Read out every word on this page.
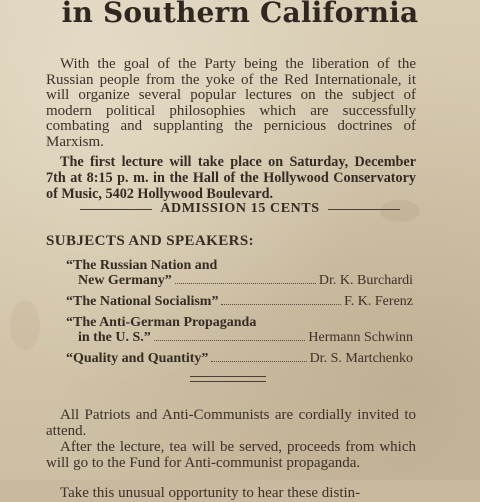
in Southern California

With the goal of the Party being the liberation of the Russian people from the yoke of the Red Internationale, it will organize several popular lectures on the subject of modern political philosophies which are successfully combating and supplanting the pernicious doctrines of Marxism.

The first lecture will take place on Saturday, December 7th at 8:15 p. m. in the Hall of the Hollywood Conservatory of Music, 5402 Hollywood Boulevard.

ADMISSION 15 CENTS
SUBJECTS AND SPEAKERS:
“The Russian Nation and
New Germany”	Dr. K. Burchardi
“The National Socialism”	F. K. Ferenz
“The Anti-German Propaganda
in the U. S.”	Hermann Schwinn
“Quality and Quantity”	Dr. S. Martchenko

All Patriots and Anti-Communists are cordially invited to attend.

After the lecture, tea will be served, proceeds from which will go to the Fund for Anti-communist propaganda.

Take this unusual opportunity to hear these distin-
